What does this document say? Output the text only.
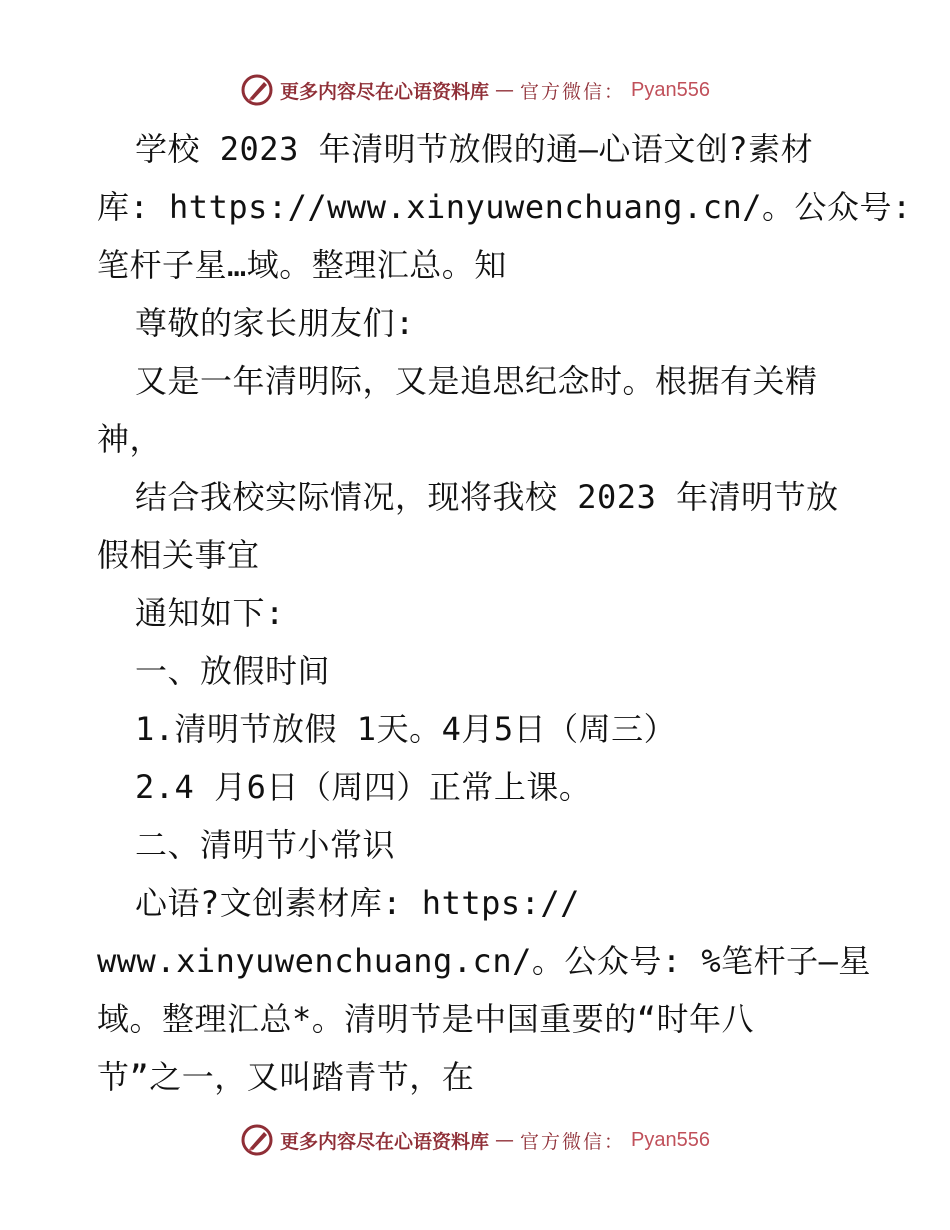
更多内容尽在心语资料库 — 官方微信： Pyan556
学校 2023 年清明节放假的通—心语文创?素材
库: https://www.xinyuwenchuang.cn/。公众号:
笔杆子星…域。整理汇总。知
尊敬的家长朋友们:
又是一年清明际，又是追思纪念时。根据有关精
神，
结合我校实际情况，现将我校 2023 年清明节放
假相关事宜
通知如下:
一、放假时间
1.清明节放假 1天。4月5日（周三）
2.4 月6日（周四）正常上课。
二、清明节小常识
心语?文创素材库: https://
www.xinyuwenchuang.cn/。公众号: %笔杆子—星
域。整理汇总*。清明节是中国重要的“时年八
节”之一，又叫踏青节，在
更多内容尽在心语资料库 — 官方微信： Pyan556
